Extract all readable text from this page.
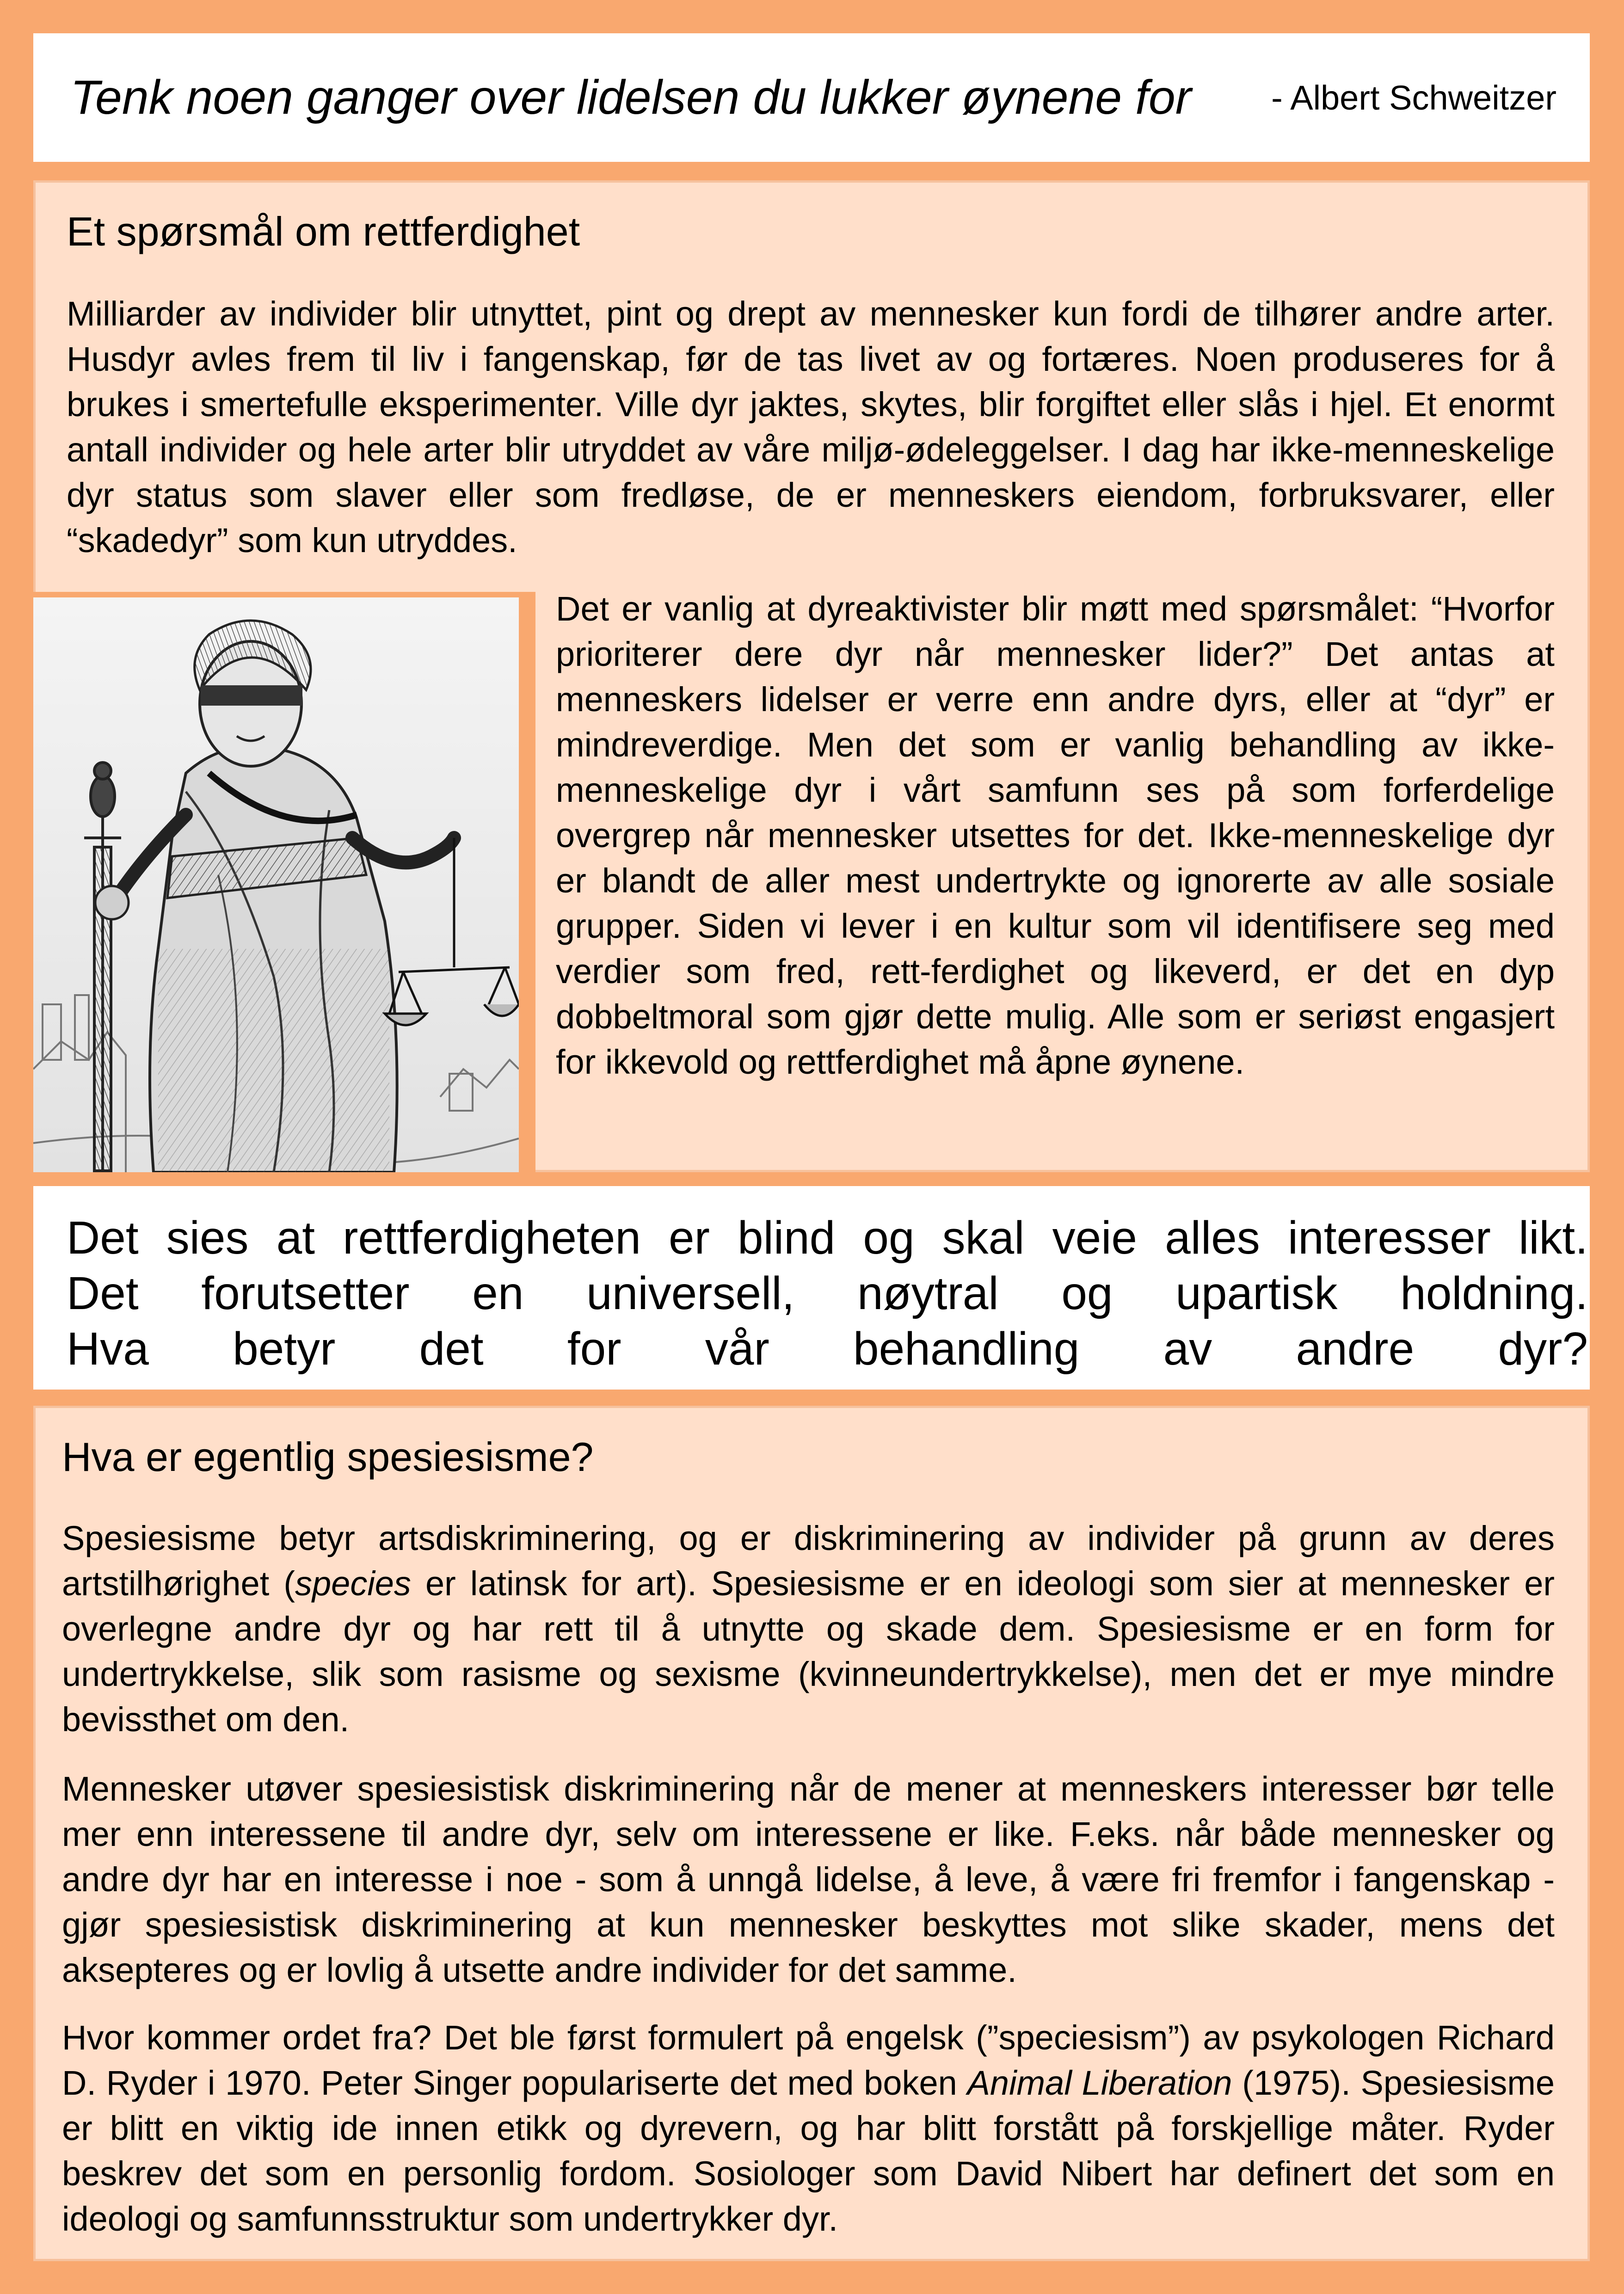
Tenk noen ganger over lidelsen du lukker øynene for - Albert Schweitzer
Et spørsmål om rettferdighet
Milliarder av individer blir utnyttet, pint og drept av mennesker kun fordi de tilhører andre arter. Husdyr avles frem til liv i fangenskap, før de tas livet av og fortæres. Noen produseres for å brukes i smertefulle eksperimenter. Ville dyr jaktes, skytes, blir forgiftet eller slås i hjel. Et enormt antall individer og hele arter blir utryddet av våre miljø-ødeleggelser. I dag har ikke-menneskelige dyr status som slaver eller som fredløse, de er menneskers eiendom, forbruksvarer, eller “skadedyr” som kun utryddes.
Det er vanlig at dyreaktivister blir møtt med spørsmålet: “Hvorfor prioriterer dere dyr når mennesker lider?” Det antas at menneskers lidelser er verre enn andre dyrs, eller at “dyr” er mindreverdige. Men det som er vanlig behandling av ikke-menneskelige dyr i vårt samfunn ses på som forferdelige overgrep når mennesker utsettes for det. Ikke-menneskelige dyr er blandt de aller mest undertrykte og ignorerte av alle sosiale grupper. Siden vi lever i en kultur som vil identifisere seg med verdier som fred, rett-ferdighet og likeverd, er det en dyp dobbeltmoral som gjør dette mulig. Alle som er seriøst engasjert for ikkevold og rettferdighet må åpne øynene.
Det sies at rettferdigheten er blind og skal veie alles interesser likt.
Det forutsetter en universell, nøytral og upartisk holdning.
Hva betyr det for vår behandling av andre dyr?
Hva er egentlig spesiesisme?
Spesiesisme betyr artsdiskriminering, og er diskriminering av individer på grunn av deres artstilhørighet (species er latinsk for art). Spesiesisme er en ideologi som sier at mennesker er overlegne andre dyr og har rett til å utnytte og skade dem. Spesiesisme er en form for undertrykkelse, slik som rasisme og sexisme (kvinneundertrykkelse), men det er mye mindre bevissthet om den.
Mennesker utøver spesiesistisk diskriminering når de mener at menneskers interesser bør telle mer enn interessene til andre dyr, selv om interessene er like. F.eks. når både mennesker og andre dyr har en interesse i noe - som å unngå lidelse, å leve, å være fri fremfor i fangenskap - gjør spesiesistisk diskriminering at kun mennesker beskyttes mot slike skader, mens det aksepteres og er lovlig å utsette andre individer for det samme.
Hvor kommer ordet fra? Det ble først formulert på engelsk (”speciesism”) av psykologen Richard D. Ryder i 1970. Peter Singer populariserte det med boken Animal Liberation (1975). Spesiesisme er blitt en viktig ide innen etikk og dyrevern, og har blitt forstått på forskjellige måter. Ryder beskrev det som en personlig fordom. Sosiologer som David Nibert har definert det som en ideologi og samfunnsstruktur som undertrykker dyr.
